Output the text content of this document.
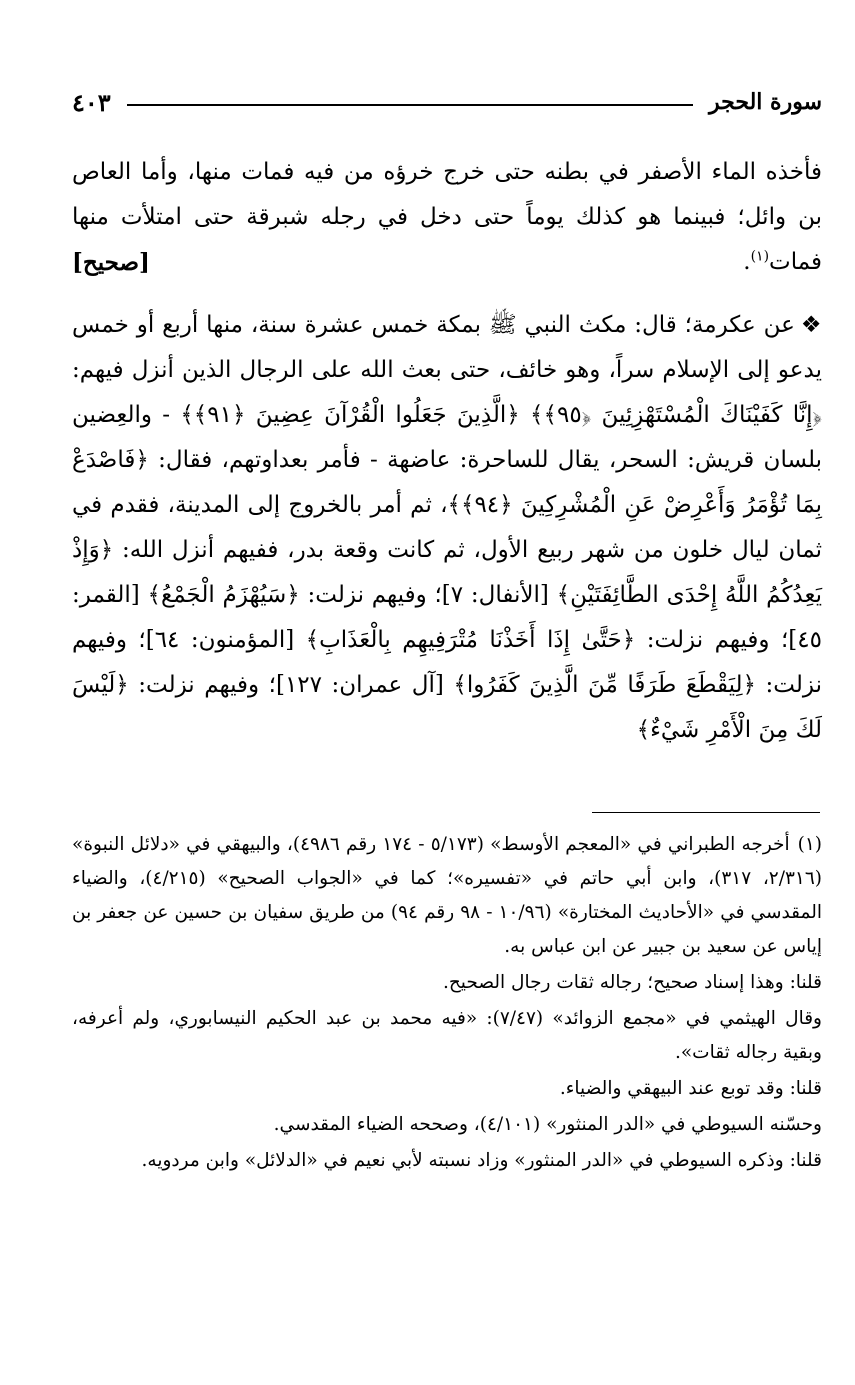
سورة الحجر
٤٠٣

فأخذه الماء الأصفر في بطنه حتى خرج خرؤه من فيه فمات منها، وأما العاص بن وائل؛ فبينما هو كذلك يوماً حتى دخل في رجله شبرقة حتى امتلأت منها فمات$^{(١)}$.
[صحيح]

❖عن عكرمة؛ قال: مكث النبي ﷺ بمكة خمس عشرة سنة، منها أربع أو خمس يدعو إلى الإسلام سراً، وهو خائف، حتى بعث الله على الرجال الذين أنزل فيهم: ﴿إِنَّا كَفَيْنَاكَ الْمُسْتَهْزِئِينَ ﴿٩٥﴾﴾ ﴿الَّذِينَ جَعَلُوا الْقُرْآنَ عِضِينَ ﴿٩١﴾﴾ - والعِضين بلسان قريش: السحر، يقال للساحرة: عاضهة - فأمر بعداوتهم، فقال: ﴿فَاصْدَعْ بِمَا تُؤْمَرُ وَأَعْرِضْ عَنِ الْمُشْرِكِينَ ﴿٩٤﴾﴾، ثم أمر بالخروج إلى المدينة، فقدم في ثمان ليال خلون من شهر ربيع الأول، ثم كانت وقعة بدر، ففيهم أنزل الله: ﴿وَإِذْ يَعِدُكُمُ اللَّهُ إِحْدَى الطَّائِفَتَيْنِ﴾ [الأنفال: ٧]؛ وفيهم نزلت: ﴿سَيُهْزَمُ الْجَمْعُ﴾ [القمر: ٤٥]؛ وفيهم نزلت: ﴿حَتَّىٰ إِذَا أَخَذْنَا مُتْرَفِيهِم بِالْعَذَابِ﴾ [المؤمنون: ٦٤]؛ وفيهم نزلت: ﴿لِيَقْطَعَ طَرَفًا مِّنَ الَّذِينَ كَفَرُوا﴾ [آل عمران: ١٢٧]؛ وفيهم نزلت: ﴿لَيْسَ لَكَ مِنَ الْأَمْرِ شَيْءٌ﴾

(١)أخرجه الطبراني في «المعجم الأوسط» (٥/١٧٣ - ١٧٤ رقم ٤٩٨٦)، والبيهقي في «دلائل النبوة» (٢/٣١٦، ٣١٧)، وابن أبي حاتم في «تفسيره»؛ كما في «الجواب الصحيح» (٤/٢١٥)، والضياء المقدسي في «الأحاديث المختارة» (١٠/٩٦ - ٩٨ رقم ٩٤) من طريق سفيان بن حسين عن جعفر بن إياس عن سعيد بن جبير عن ابن عباس به.

قلنا: وهذا إسناد صحيح؛ رجاله ثقات رجال الصحيح.

وقال الهيثمي في «مجمع الزوائد» (٧/٤٧): «فيه محمد بن عبد الحكيم النيسابوري، ولم أعرفه، وبقية رجاله ثقات».

قلنا: وقد توبع عند البيهقي والضياء.

وحسّنه السيوطي في «الدر المنثور» (٤/١٠١)، وصححه الضياء المقدسي.

قلنا: وذكره السيوطي في «الدر المنثور» وزاد نسبته لأبي نعيم في «الدلائل» وابن مردويه.
